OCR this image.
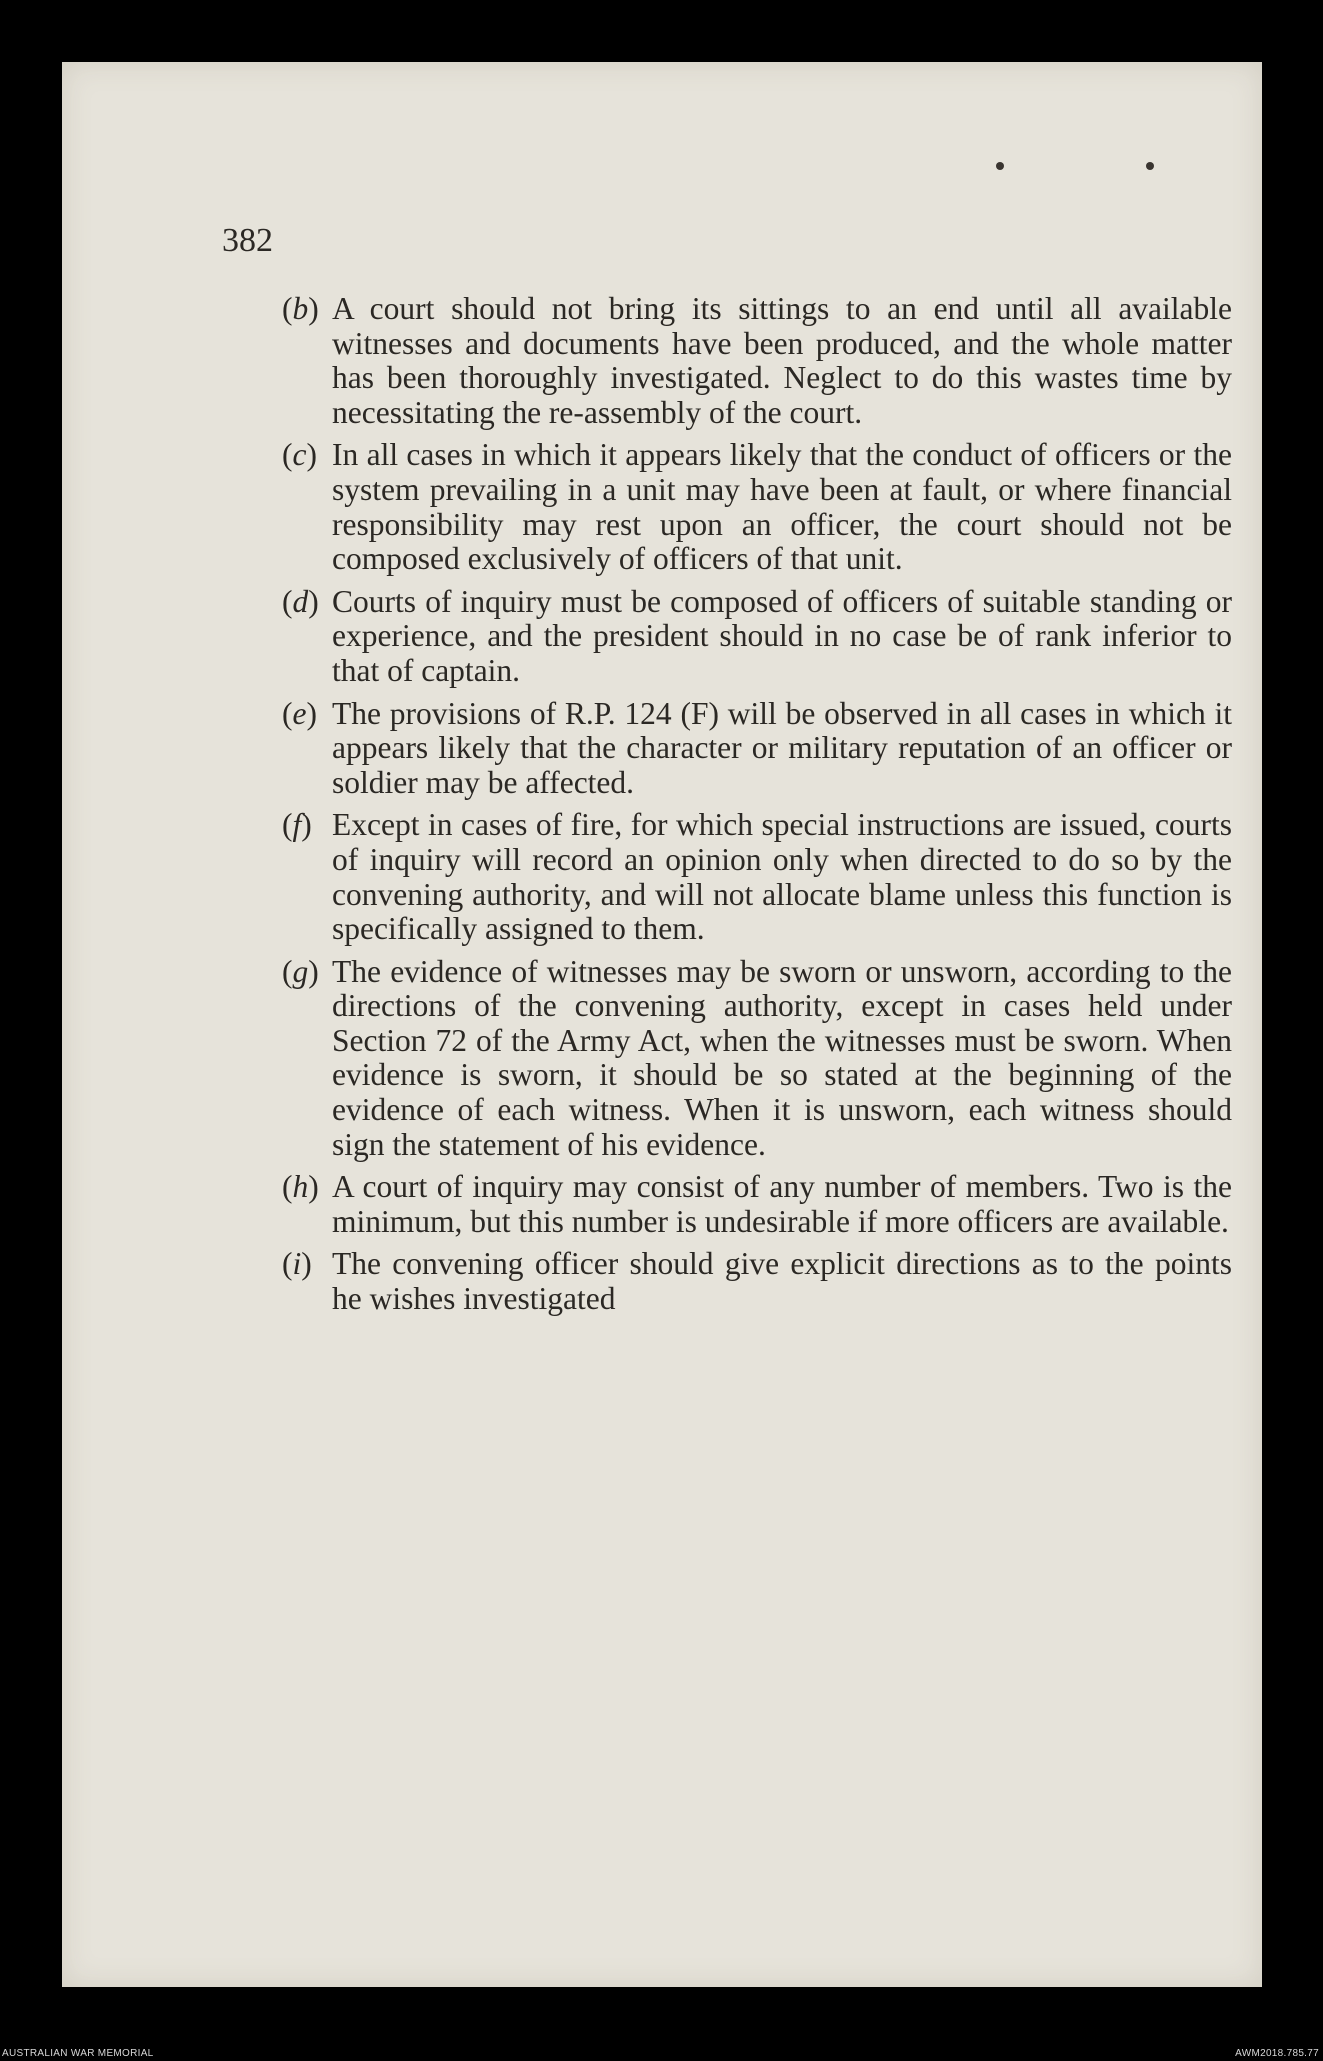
382

(b) A court should not bring its sittings to an end until all available witnesses and documents have been produced, and the whole matter has been thoroughly investigated. Neglect to do this wastes time by necessitating the re-assembly of the court.
(c) In all cases in which it appears likely that the conduct of officers or the system prevailing in a unit may have been at fault, or where financial responsibility may rest upon an officer, the court should not be composed exclusively of officers of that unit.
(d) Courts of inquiry must be composed of officers of suitable standing or experience, and the president should in no case be of rank inferior to that of captain.
(e) The provisions of R.P. 124 (F) will be observed in all cases in which it appears likely that the character or military reputation of an officer or soldier may be affected.
(f) Except in cases of fire, for which special instructions are issued, courts of inquiry will record an opinion only when directed to do so by the convening authority, and will not allocate blame unless this function is specifically assigned to them.
(g) The evidence of witnesses may be sworn or unsworn, according to the directions of the convening authority, except in cases held under Section 72 of the Army Act, when the witnesses must be sworn. When evidence is sworn, it should be so stated at the beginning of the evidence of each witness. When it is unsworn, each witness should sign the statement of his evidence.
(h) A court of inquiry may consist of any number of members. Two is the minimum, but this number is undesirable if more officers are available.
(i) The convening officer should give explicit directions as to the points he wishes investigated

AUSTRALIAN WAR MEMORIAL	AWM2018.785.77
